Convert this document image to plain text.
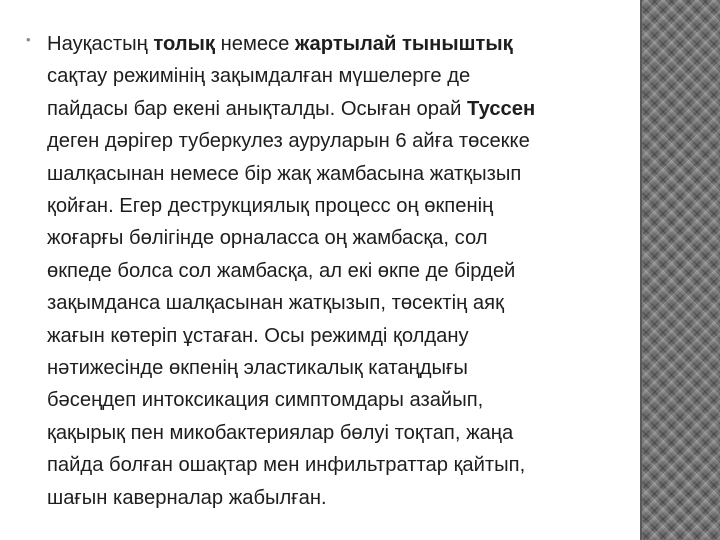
• Науқастың толық немесе жартылай тыныштық
сақтау режимінің зақымдалған мүшелерге де
пайдасы бар екені анықталды. Осыған орай Туссен
деген дәрігер туберкулез ауруларын 6 айға төсекке
шалқасынан немесе бір жақ жамбасына жатқызып
қойған. Егер деструкциялық процесс оң өкпенің
жоғарғы бөлігінде орналасса оң жамбасқа, сол
өкпеде болса сол жамбасқа, ал екі өкпе де бірдей
зақымданса шалқасынан жатқызып, төсектің аяқ
жағын көтеріп ұстаған. Осы режимді қолдану
нәтижесінде өкпенің эластикалық катаңдығы
бәсеңдеп интоксикация симптомдары азайып,
қақырық пен микобактериялар бөлуі тоқтап, жаңа
пайда болған ошақтар мен инфильтраттар қайтып,
шағын каверналар жабылған.
